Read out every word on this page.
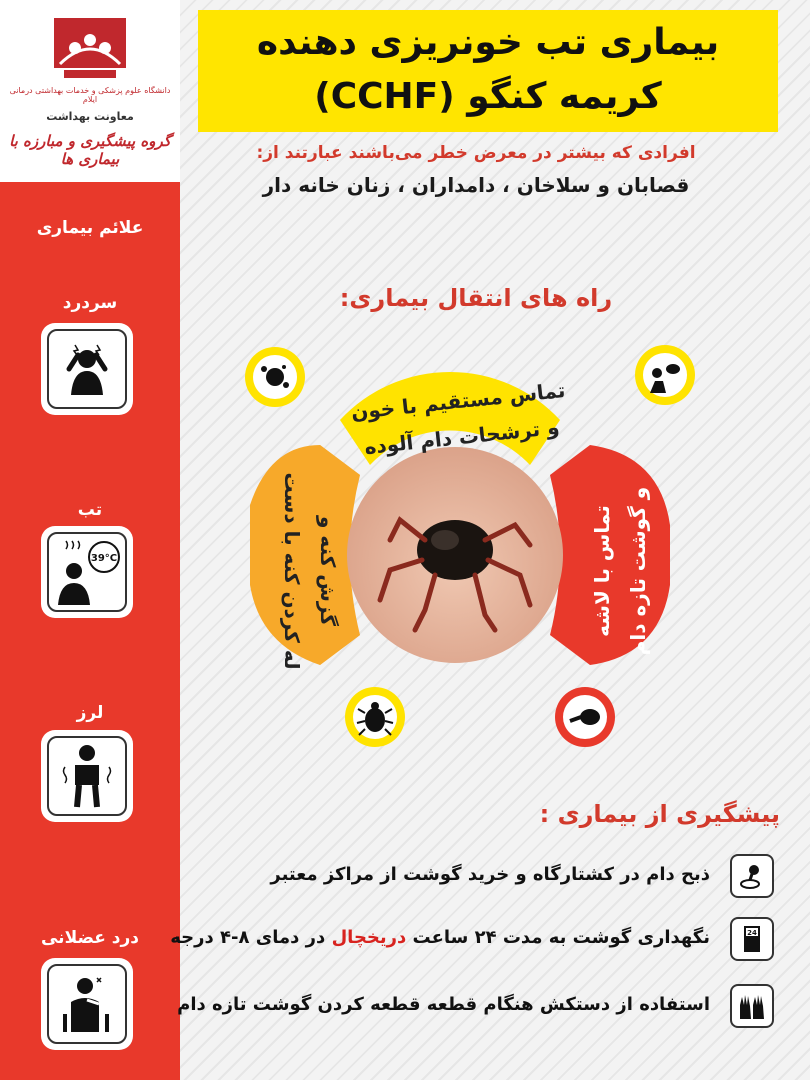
دانشگاه علوم پزشکی و خدمات بهداشتی درمانی ایلام
معاونت بهداشت
گروه پیشگیری و مبارزه با بیماری ها
علائم بیماری
سردرد
تب
39°C
لرز
درد عضلانی
بیماری تب خونریزی دهنده
کریمه کنگو (CCHF)
افرادی که بیشتر در معرض خطر می‌باشند عبارتند از:
قصابان و سلاخان ، دامداران ، زنان خانه دار
راه های انتقال بیماری:
تماس مستقیم با خون
و ترشحات دام آلوده
گزش کنه و
له کردن کنه با دست	تماس با لاشه و گوشت تازه دام
پیشگیری از بیماری :
ذبح دام در کشتارگاه و خرید گوشت از مراکز معتبر
نگهداری گوشت به مدت ۲۴ ساعت دریخچال در دمای ۸-۴ درجه	24
استفاده از دستکش هنگام قطعه قطعه کردن گوشت تازه دام
